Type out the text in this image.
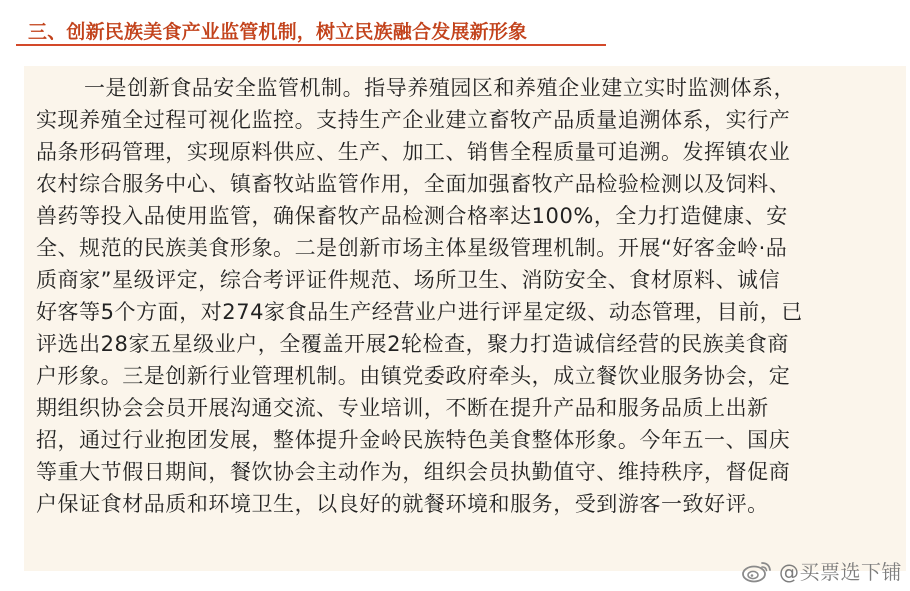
三、创新民族美食产业监管机制，树立民族融合发展新形象
一是创新食品安全监管机制。指导养殖园区和养殖企业建立实时监测体系，
实现养殖全过程可视化监控。支持生产企业建立畜牧产品质量追溯体系，实行产
品条形码管理，实现原料供应、生产、加工、销售全程质量可追溯。发挥镇农业
农村综合服务中心、镇畜牧站监管作用，全面加强畜牧产品检验检测以及饲料、
兽药等投入品使用监管，确保畜牧产品检测合格率达100%，全力打造健康、安
全、规范的民族美食形象。二是创新市场主体星级管理机制。开展“好客金岭·品
质商家”星级评定，综合考评证件规范、场所卫生、消防安全、食材原料、诚信
好客等5个方面，对274家食品生产经营业户进行评星定级、动态管理，目前，已
评选出28家五星级业户，全覆盖开展2轮检查，聚力打造诚信经营的民族美食商
户形象。三是创新行业管理机制。由镇党委政府牵头，成立餐饮业服务协会，定
期组织协会会员开展沟通交流、专业培训，不断在提升产品和服务品质上出新
招，通过行业抱团发展，整体提升金岭民族特色美食整体形象。今年五一、国庆
等重大节假日期间，餐饮协会主动作为，组织会员执勤值守、维持秩序，督促商
户保证食材品质和环境卫生，以良好的就餐环境和服务，受到游客一致好评。
@买票选下铺
